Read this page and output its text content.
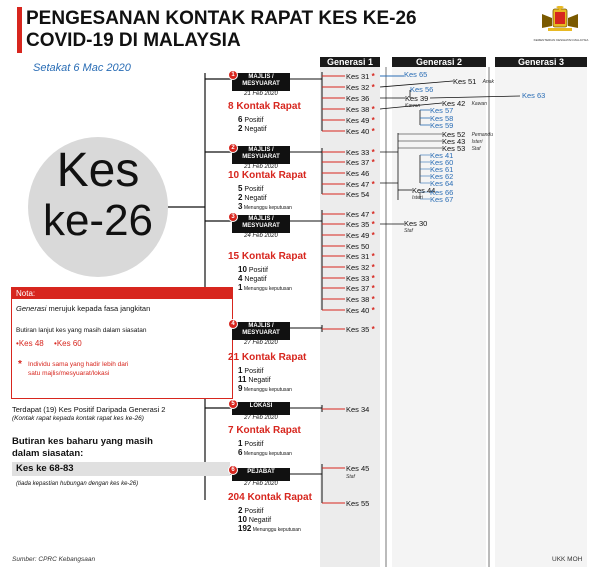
PENGESANAN KONTAK RAPAT KES KE-26
COVID-19 DI MALAYSIA
Setakat 6 Mac 2020
KEMENTERIAN KESIHATAN MALAYSIA
Generasi 1	Generasi 2	Generasi 3
Kes
ke-26
Nota:
Generasi merujuk kepada fasa jangkitan
Butiran lanjut kes yang masih dalam siasatan
•Kes 48 •Kes 60
* Individu sama yang hadir lebih dari
satu majlis/mesyuarat/lokasi
Terdapat (19) Kes Positif Daripada Generasi 2
(Kontak rapat kepada kontak rapat kes ke-26)
Butiran kes baharu yang masih
dalam siasatan:
Kes ke 68-83
(tiada kepastian hubungan dengan kes ke-26)
Sumber: CPRC Kebangsaan	UKK MOH
MAJLIS /
MESYUARAT
1
21 Feb 2020
8 Kontak Rapat
6 Positif
2 Negatif
MAJLIS /
MESYUARAT
2
21 Feb 2020
10 Kontak Rapat
5 Positif
2 Negatif
3 Menunggu keputusan
MAJLIS /
MESYUARAT
3
24 Feb 2020
15 Kontak Rapat
10 Positif
4 Negatif
1 Menunggu keputusan
MAJLIS /
MESYUARAT
4
27 Feb 2020
21 Kontak Rapat
1 Positif
11 Negatif
9 Menunggu keputusan
LOKASI
5
27 Feb 2020
7 Kontak Rapat
1 Positif
6 Menunggu keputusan
PEJABAT
6
27 Feb 2020
204 Kontak Rapat
2 Positif
10 Negatif
192 Menunggu keputusan
Kes 31 *
Kes 32 *
Kes 36
Kes 38 *
Kes 49 *
Kes 40 *
Kes 33 *
Kes 37 *
Kes 46
Kes 47 *
Kes 54
Kes 47 *
Kes 35 *
Kes 49 *
Kes 50
Kes 31 *
Kes 32 *
Kes 33 *
Kes 37 *
Kes 38 *
Kes 40 *
Kes 35 *
Kes 34
Kes 45
Staf
Kes 55
Kes 65
Kes 51 Anak
Kes 56
Kes 39
Kawan	Kes 42 Kawan
Kes 57
Kes 58
Kes 59
Kes 52 Pemandu
Kes 43 Isteri
Kes 53 Staf
Kes 41
Kes 60
Kes 61
Kes 62
Kes 64
Kes 44
Isteri
Kes 66
Kes 67
Kes 30
Staf
Kes 63
